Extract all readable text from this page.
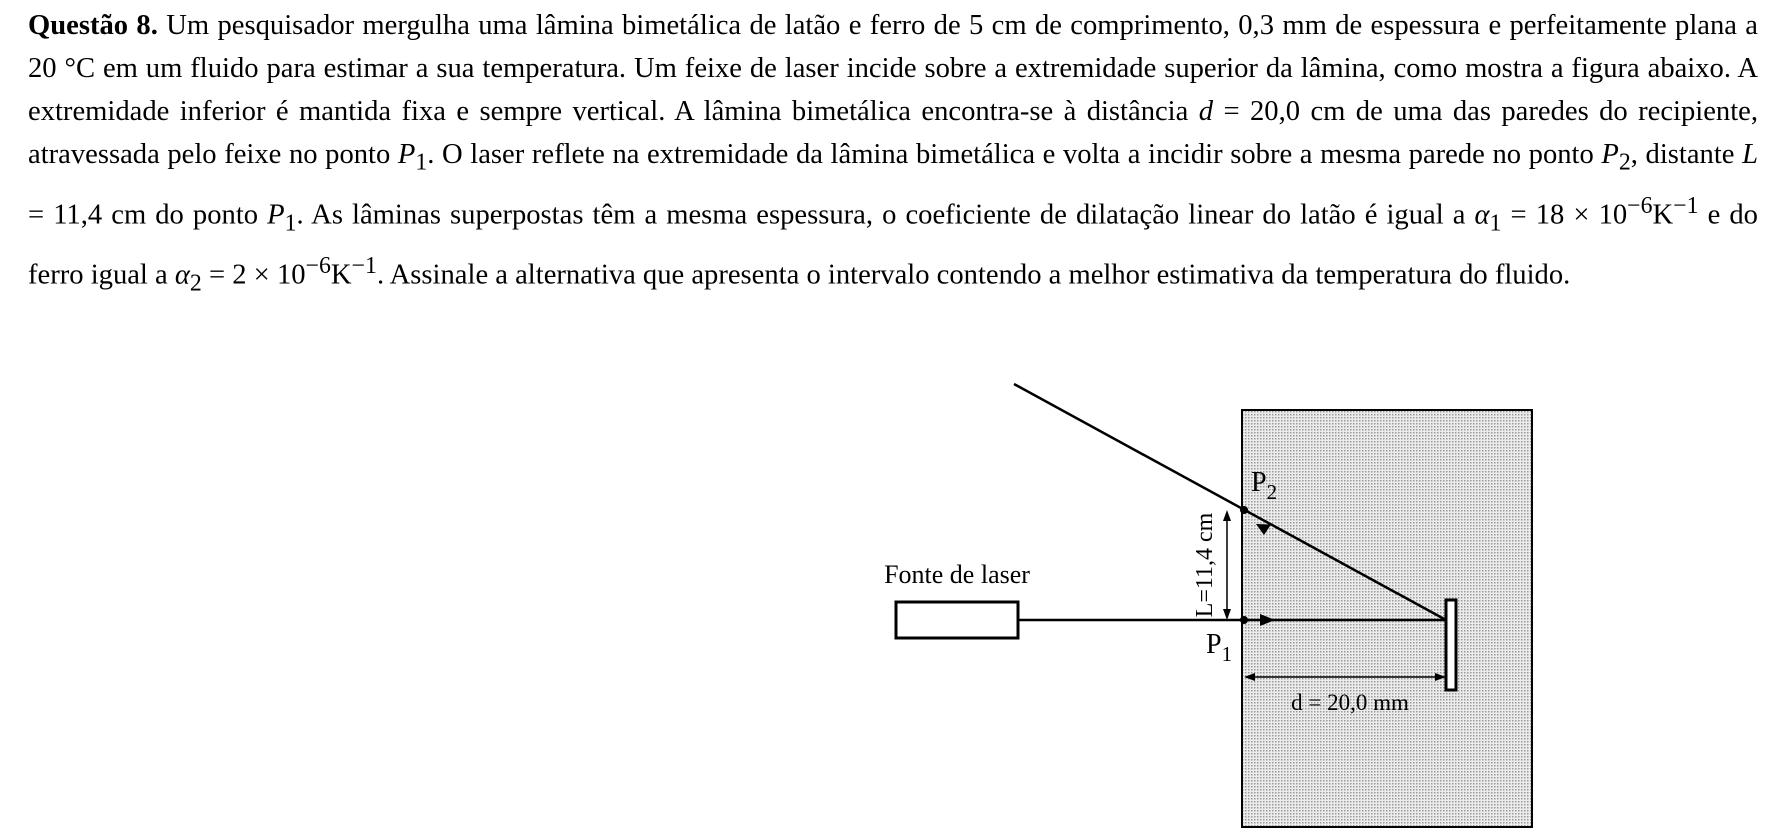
Questão 8. Um pesquisador mergulha uma lâmina bimetálica de latão e ferro de 5 cm de comprimento, 0,3 mm de espessura e perfeitamente plana a 20 °C em um fluido para estimar a sua temperatura. Um feixe de laser incide sobre a extremidade superior da lâmina, como mostra a figura abaixo. A extremidade inferior é mantida fixa e sempre vertical. A lâmina bimetálica encontra-se à distância d = 20,0 cm de uma das paredes do recipiente, atravessada pelo feixe no ponto $P_1$. O laser reflete na extremidade da lâmina bimetálica e volta a incidir sobre a mesma parede no ponto $P_2$, distante L = 11,4 cm do ponto $P_1$. As lâminas superpostas têm a mesma espessura, o coeficiente de dilatação linear do latão é igual a $\alpha_1 = 18 \times 10^{-6}K^{-1}$ e do ferro igual a $\alpha_2 = 2 \times 10^{-6}K^{-1}$. Assinale a alternativa que apresenta o intervalo contendo a melhor estimativa da temperatura do fluido.
Fonte de laser	L=11,4 cm
d = 20,0 mm
$P_2$
$P_1$
